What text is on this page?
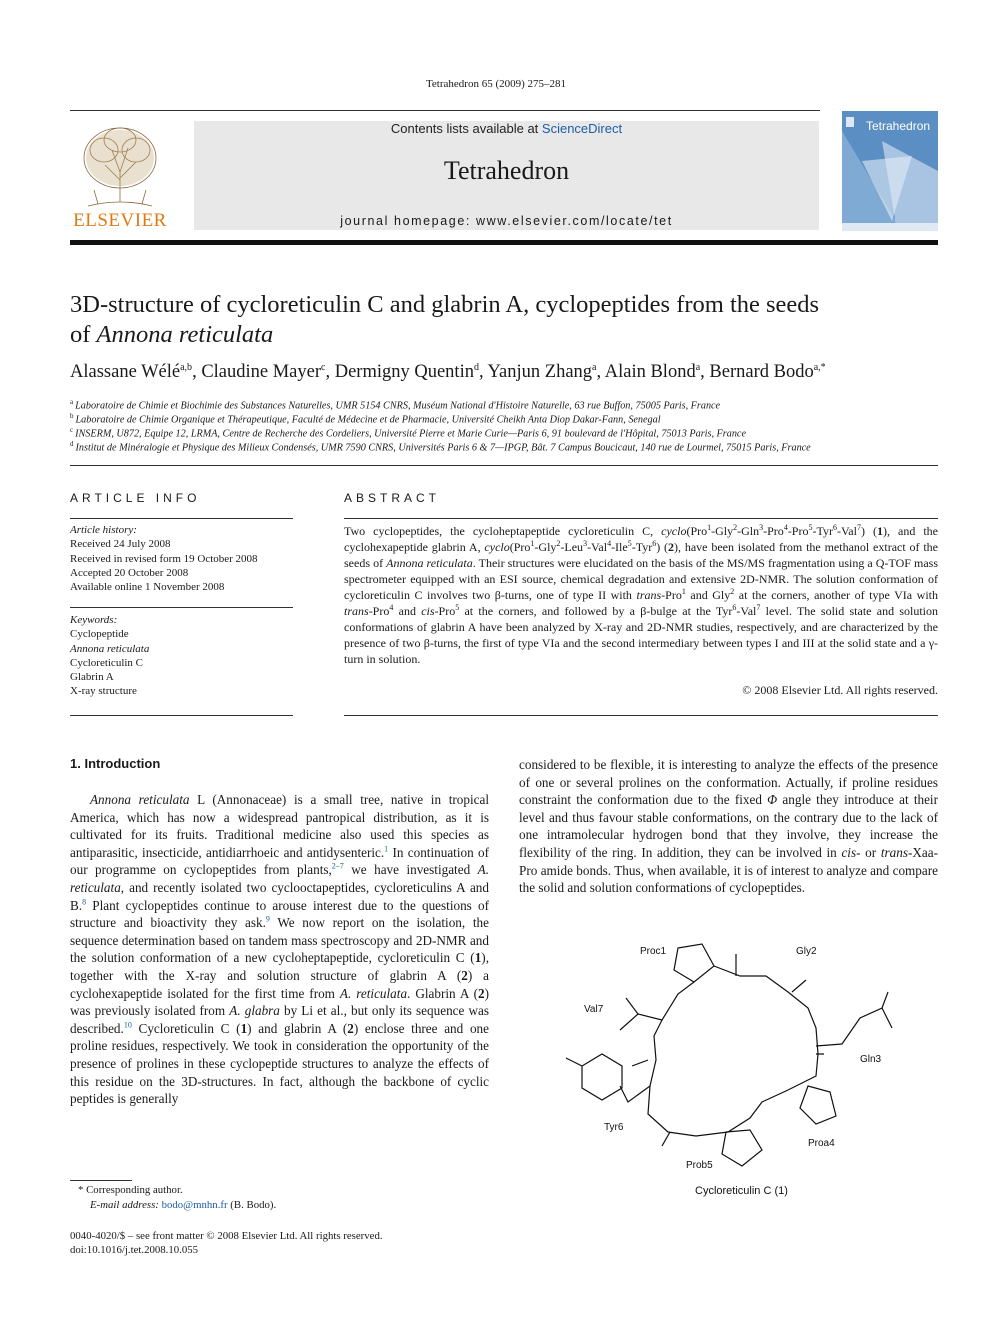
Tetrahedron 65 (2009) 275–281
ELSEVIER
Contents lists available at ScienceDirect
Tetrahedron
journal homepage: www.elsevier.com/locate/tet
Tetrahedron
3D-structure of cycloreticulin C and glabrin A, cyclopeptides from the seeds
of Annona reticulata
Alassane Wélé$^{a,b}$, Claudine Mayer$^c$, Dermigny Quentin$^d$, Yanjun Zhang$^a$, Alain Blond$^a$, Bernard Bodo$^{a,*}$
$^a$ Laboratoire de Chimie et Biochimie des Substances Naturelles, UMR 5154 CNRS, Muséum National d'Histoire Naturelle, 63 rue Buffon, 75005 Paris, France
$^b$ Laboratoire de Chimie Organique et Thérapeutique, Faculté de Médecine et de Pharmacie, Université Cheikh Anta Diop Dakar-Fann, Senegal
$^c$ INSERM, U872, Equipe 12, LRMA, Centre de Recherche des Cordeliers, Université Pierre et Marie Curie—Paris 6, 91 boulevard de l'Hôpital, 75013 Paris, France
$^d$ Institut de Minéralogie et Physique des Milieux Condensés, UMR 7590 CNRS, Universités Paris 6 & 7—IPGP, Bât. 7 Campus Boucicaut, 140 rue de Lourmel, 75015 Paris, France
ARTICLE INFO
Article history:
Received 24 July 2008
Received in revised form 19 October 2008
Accepted 20 October 2008
Available online 1 November 2008
Keywords:
Cyclopeptide
Annona reticulata
Cycloreticulin C
Glabrin A
X-ray structure
ABSTRACT
Two cyclopeptides, the cycloheptapeptide cycloreticulin C, cyclo(Pro$^1$-Gly$^2$-Gln$^3$-Pro$^4$-Pro$^5$-Tyr$^6$-Val$^7$) (1), and the cyclohexapeptide glabrin A, cyclo(Pro$^1$-Gly$^2$-Leu$^3$-Val$^4$-Ile$^5$-Tyr$^6$) (2), have been isolated from the methanol extract of the seeds of Annona reticulata. Their structures were elucidated on the basis of the MS/MS fragmentation using a Q-TOF mass spectrometer equipped with an ESI source, chemical degradation and extensive 2D-NMR. The solution conformation of cycloreticulin C involves two β-turns, one of type II with trans-Pro$^1$ and Gly$^2$ at the corners, another of type VIa with trans-Pro$^4$ and cis-Pro$^5$ at the corners, and followed by a β-bulge at the Tyr$^6$-Val$^7$ level. The solid state and solution conformations of glabrin A have been analyzed by X-ray and 2D-NMR studies, respectively, and are characterized by the presence of two β-turns, the first of type VIa and the second intermediary between types I and III at the solid state and a γ-turn in solution.
© 2008 Elsevier Ltd. All rights reserved.
1. Introduction
Annona reticulata L (Annonaceae) is a small tree, native in tropical America, which has now a widespread pantropical distribution, as it is cultivated for its fruits. Traditional medicine also used this species as antiparasitic, insecticide, antidiarrhoeic and antidysenteric.$^1$ In continuation of our programme on cyclopeptides from plants,$^{2-7}$ we have investigated A. reticulata, and recently isolated two cyclooctapeptides, cycloreticulins A and B.$^8$ Plant cyclopeptides continue to arouse interest due to the questions of structure and bioactivity they ask.$^9$ We now report on the isolation, the sequence determination based on tandem mass spectroscopy and 2D-NMR and the solution conformation of a new cycloheptapeptide, cycloreticulin C (1), together with the X-ray and solution structure of glabrin A (2) a cyclohexapeptide isolated for the first time from A. reticulata. Glabrin A (2) was previously isolated from A. glabra by Li et al., but only its sequence was described.$^{10}$ Cycloreticulin C (1) and glabrin A (2) enclose three and one proline residues, respectively. We took in consideration the opportunity of the presence of prolines in these cyclopeptide structures to analyze the effects of this residue on the 3D-structures. In fact, although the backbone of cyclic peptides is generally
considered to be flexible, it is interesting to analyze the effects of the presence of one or several prolines on the conformation. Actually, if proline residues constraint the conformation due to the fixed Φ angle they introduce at their level and thus favour stable conformations, on the contrary due to the lack of one intramolecular hydrogen bond that they involve, they increase the flexibility of the ring. In addition, they can be involved in cis- or trans-Xaa-Pro amide bonds. Thus, when available, it is of interest to analyze and compare the solid and solution conformations of cyclopeptides.
Proc1	Gly2
Gln3
Proa4
Prob5
Tyr6
Val7
Cycloreticulin C (1)
* Corresponding author.
E-mail address: bodo@mnhn.fr (B. Bodo).
0040-4020/$ – see front matter © 2008 Elsevier Ltd. All rights reserved.
doi:10.1016/j.tet.2008.10.055
